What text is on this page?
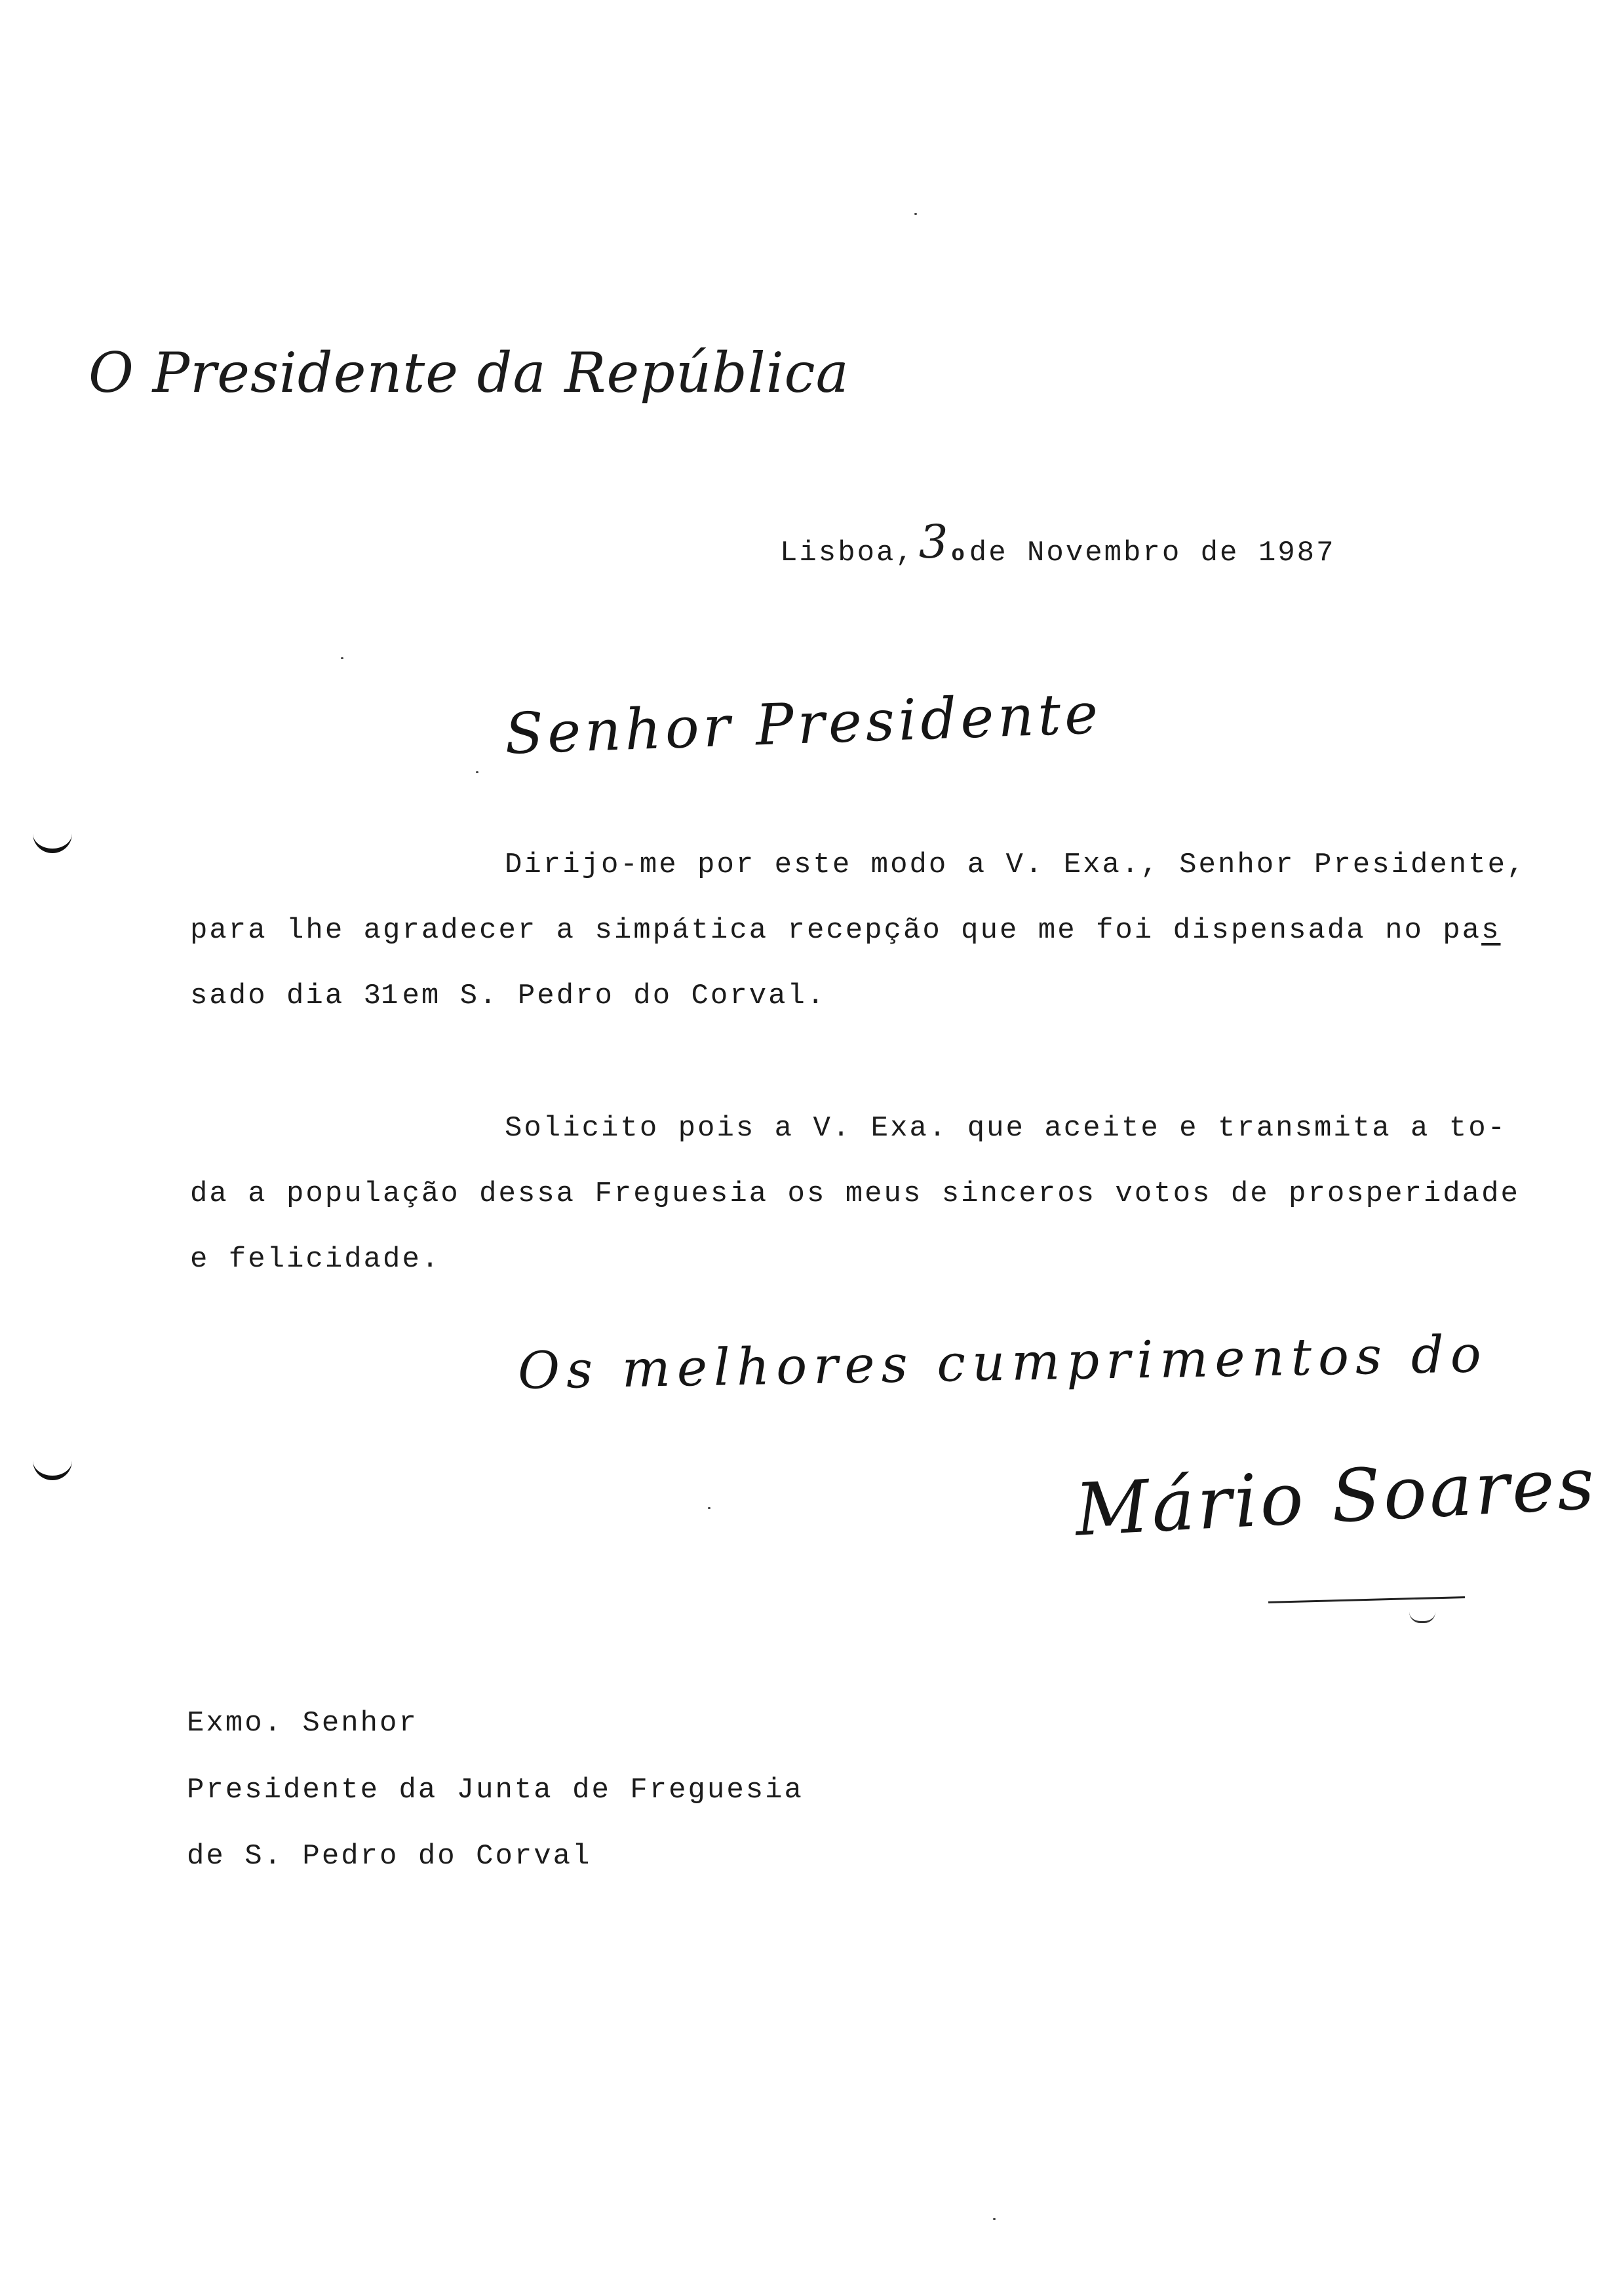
O Presidente da República
Lisboa,3ode Novembro de 1987
Senhor Presidente
Dirijo-me por este modo a V. Exa., Senhor Presidente,
para lhe agradecer a simpática recepção que me foi dispensada no pas
sado dia 31 em S. Pedro do Corval.
Solicito pois a V. Exa. que aceite e transmita a to-
da a população dessa Freguesia os meus sinceros votos de prosperidade
e felicidade.
Os melhores cumprimentos do
Mário Soares
Exmo. Senhor
Presidente da Junta de Freguesia
de S. Pedro do Corval
